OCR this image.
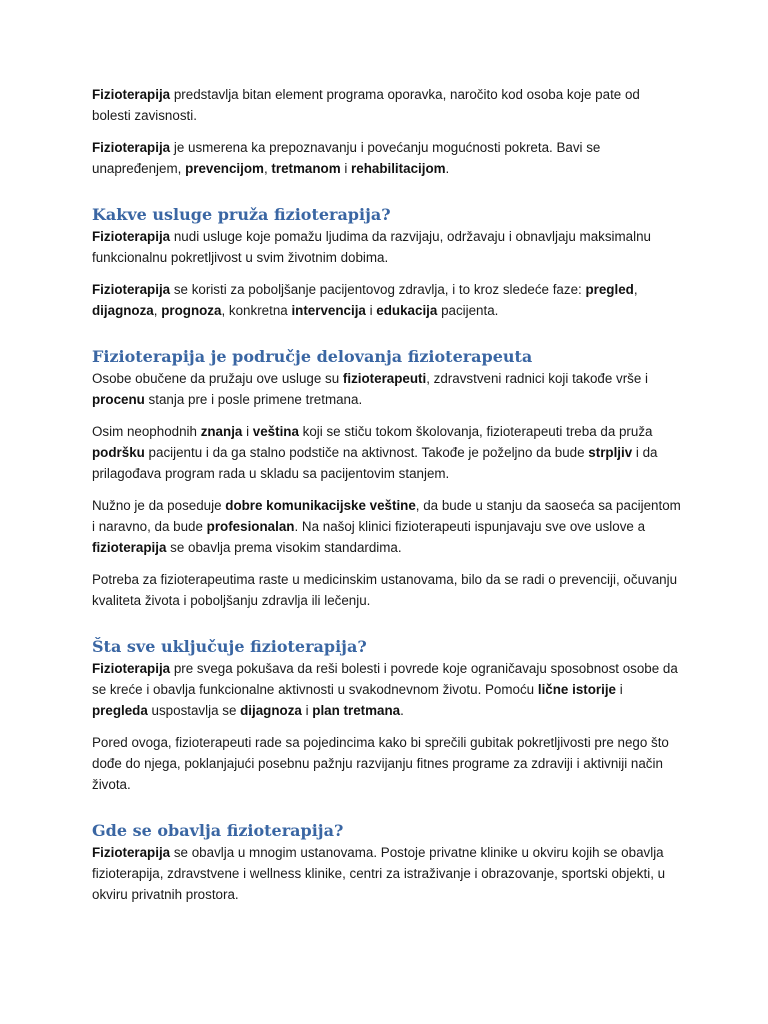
Fizioterapija predstavlja bitan element programa oporavka, naročito kod osoba koje pate od bolesti zavisnosti.

Fizioterapija je usmerena ka prepoznavanju i povećanju mogućnosti pokreta. Bavi se unapređenjem, prevencijom, tretmanom i rehabilitacijom.

Kakve usluge pruža fizioterapija?

Fizioterapija nudi usluge koje pomažu ljudima da razvijaju, održavaju i obnavljaju maksimalnu funkcionalnu pokretljivost u svim životnim dobima.

Fizioterapija se koristi za poboljšanje pacijentovog zdravlja, i to kroz sledeće faze: pregled, dijagnoza, prognoza, konkretna intervencija i edukacija pacijenta.

Fizioterapija je područje delovanja fizioterapeuta

Osobe obučene da pružaju ove usluge su fizioterapeuti, zdravstveni radnici koji takođe vrše i procenu stanja pre i posle primene tretmana.

Osim neophodnih znanja i veština koji se stiču tokom školovanja, fizioterapeuti treba da pruža podršku pacijentu i da ga stalno podstiče na aktivnost. Takođe je poželjno da bude strpljiv i da prilagođava program rada u skladu sa pacijentovim stanjem.

Nužno je da poseduje dobre komunikacijske veštine, da bude u stanju da saoseća sa pacijentom i naravno, da bude profesionalan. Na našoj klinici fizioterapeuti ispunjavaju sve ove uslove a fizioterapija se obavlja prema visokim standardima.

Potreba za fizioterapeutima raste u medicinskim ustanovama, bilo da se radi o prevenciji, očuvanju kvaliteta života i poboljšanju zdravlja ili lečenju.

Šta sve uključuje fizioterapija?

Fizioterapija pre svega pokušava da reši bolesti i povrede koje ograničavaju sposobnost osobe da se kreće i obavlja funkcionalne aktivnosti u svakodnevnom životu. Pomoću lične istorije i pregleda uspostavlja se dijagnoza i plan tretmana.

Pored ovoga, fizioterapeuti rade sa pojedincima kako bi sprečili gubitak pokretljivosti pre nego što dođe do njega, poklanjajući posebnu pažnju razvijanju fitnes programe za zdraviji i aktivniji način života.

Gde se obavlja fizioterapija?

Fizioterapija se obavlja u mnogim ustanovama. Postoje privatne klinike u okviru kojih se obavlja fizioterapija, zdravstvene i wellness klinike, centri za istraživanje i obrazovanje, sportski objekti, u okviru privatnih prostora.
